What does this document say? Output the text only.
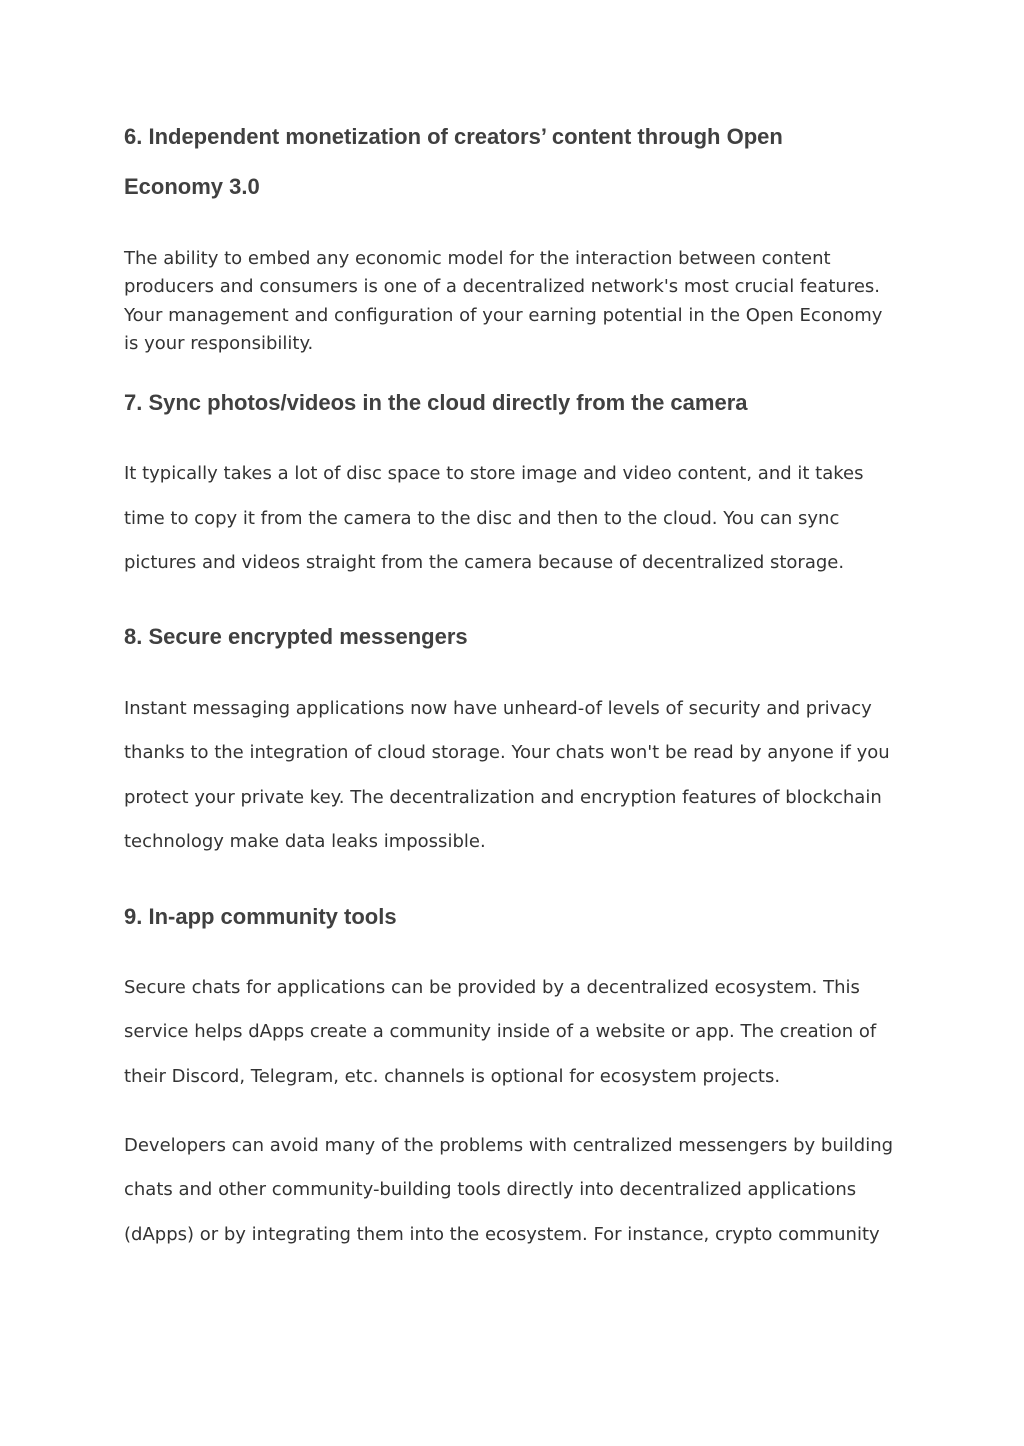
6. Independent monetization of creators’ content through Open
Economy 3.0

The ability to embed any economic model for the interaction between content

producers and consumers is one of a decentralized network's most crucial features.

Your management and configuration of your earning potential in the Open Economy

is your responsibility.

7. Sync photos/videos in the cloud directly from the camera

It typically takes a lot of disc space to store image and video content, and it takes

time to copy it from the camera to the disc and then to the cloud. You can sync

pictures and videos straight from the camera because of decentralized storage.

8. Secure encrypted messengers

Instant messaging applications now have unheard-of levels of security and privacy

thanks to the integration of cloud storage. Your chats won't be read by anyone if you

protect your private key. The decentralization and encryption features of blockchain

technology make data leaks impossible.

9. In-app community tools

Secure chats for applications can be provided by a decentralized ecosystem. This

service helps dApps create a community inside of a website or app. The creation of

their Discord, Telegram, etc. channels is optional for ecosystem projects.

Developers can avoid many of the problems with centralized messengers by building

chats and other community-building tools directly into decentralized applications

(dApps) or by integrating them into the ecosystem. For instance, crypto community
